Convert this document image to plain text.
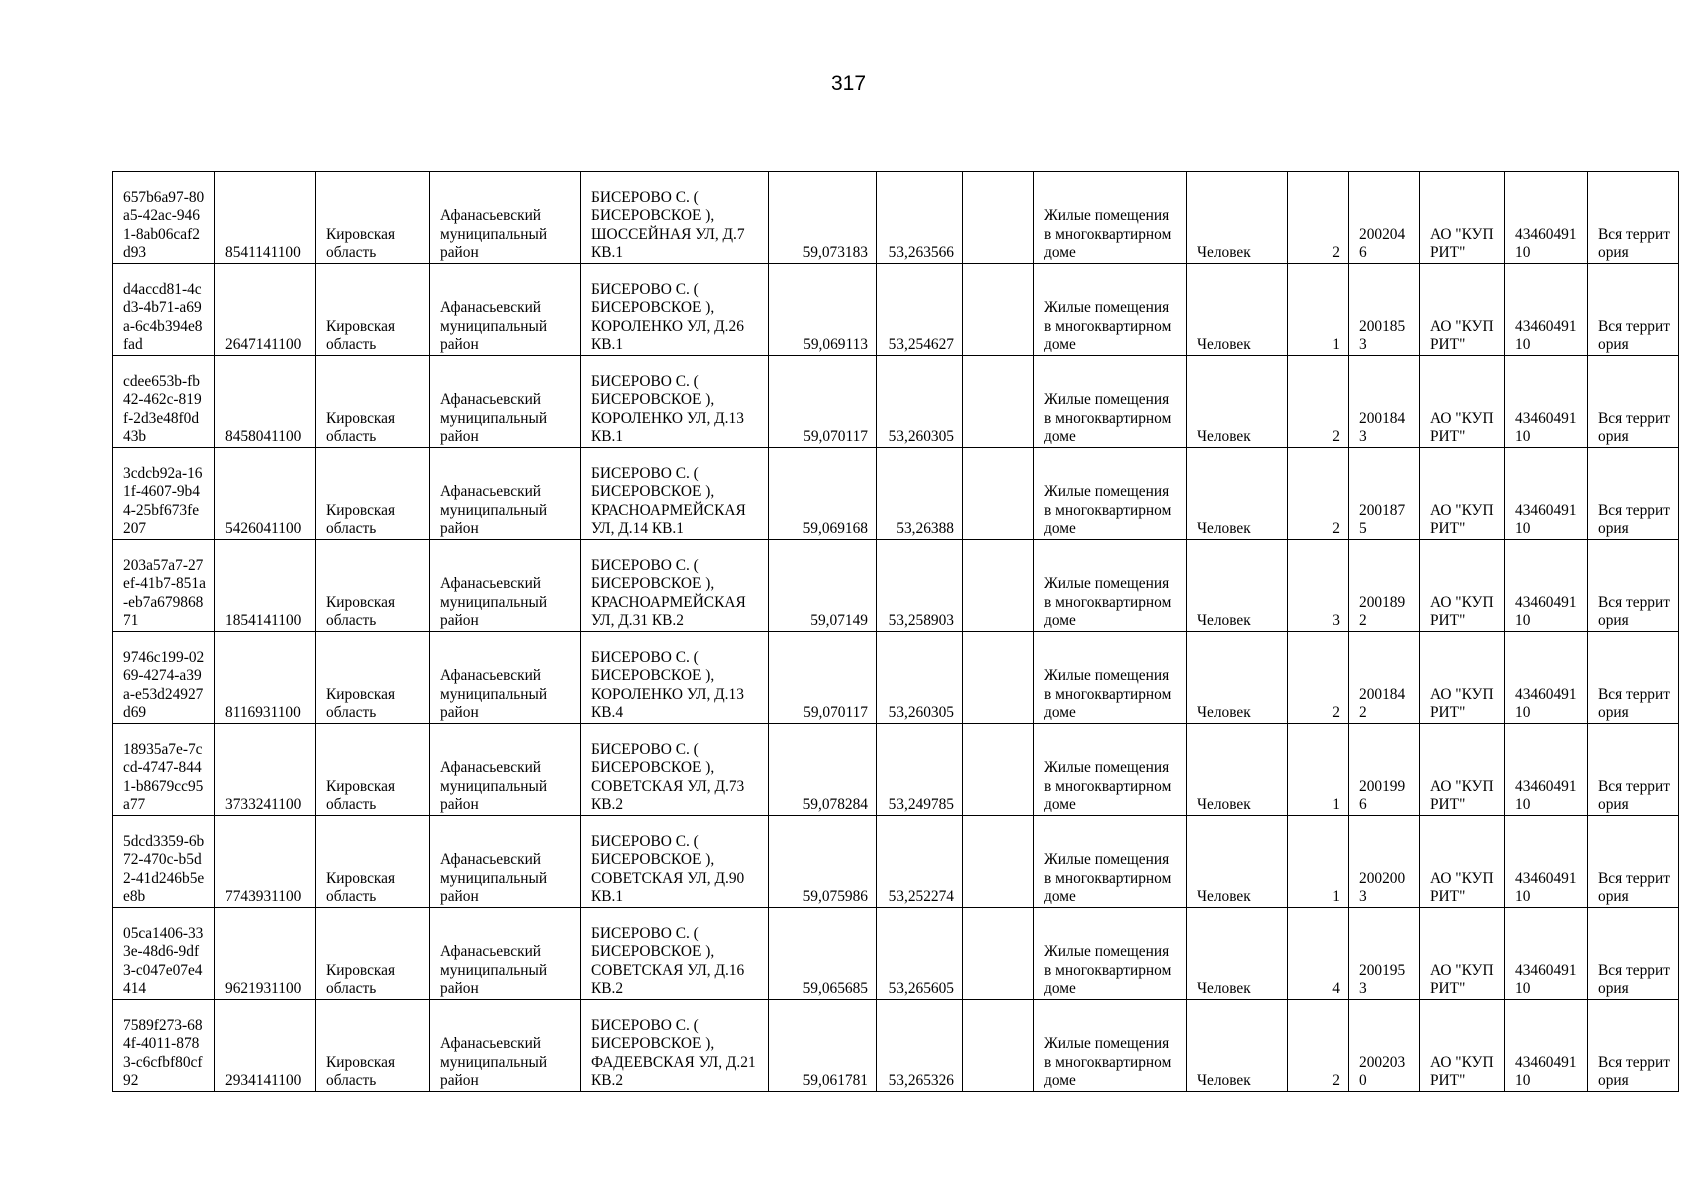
317
657b6a97-80a5-42ac-9461-8ab06caf2d93	8541141100	Кировская область	Афанасьевский муниципальный район	БИСЕРОВО С. ( БИСЕРОВСКОЕ ), ШОССЕЙНАЯ УЛ, Д.7 КВ.1	59,073183	53,263566		Жилые помещения в многоквартирном доме	Человек	2	2002046	АО "КУПРИТ"	4346049110	Вся территория
d4accd81-4cd3-4b71-a69a-6c4b394e8fad	2647141100	Кировская область	Афанасьевский муниципальный район	БИСЕРОВО С. ( БИСЕРОВСКОЕ ), КОРОЛЕНКО УЛ, Д.26 КВ.1	59,069113	53,254627		Жилые помещения в многоквартирном доме	Человек	1	2001853	АО "КУПРИТ"	4346049110	Вся территория
cdee653b-fb42-462c-819f-2d3e48f0d43b	8458041100	Кировская область	Афанасьевский муниципальный район	БИСЕРОВО С. ( БИСЕРОВСКОЕ ), КОРОЛЕНКО УЛ, Д.13 КВ.1	59,070117	53,260305		Жилые помещения в многоквартирном доме	Человек	2	2001843	АО "КУПРИТ"	4346049110	Вся территория
3cdcb92a-161f-4607-9b44-25bf673fe207	5426041100	Кировская область	Афанасьевский муниципальный район	БИСЕРОВО С. ( БИСЕРОВСКОЕ ), КРАСНОАРМЕЙСКАЯ УЛ, Д.14 КВ.1	59,069168	53,26388		Жилые помещения в многоквартирном доме	Человек	2	2001875	АО "КУПРИТ"	4346049110	Вся территория
203a57a7-27ef-41b7-851a-eb7a67986871	1854141100	Кировская область	Афанасьевский муниципальный район	БИСЕРОВО С. ( БИСЕРОВСКОЕ ), КРАСНОАРМЕЙСКАЯ УЛ, Д.31 КВ.2	59,07149	53,258903		Жилые помещения в многоквартирном доме	Человек	3	2001892	АО "КУПРИТ"	4346049110	Вся территория
9746c199-0269-4274-a39a-e53d24927d69	8116931100	Кировская область	Афанасьевский муниципальный район	БИСЕРОВО С. ( БИСЕРОВСКОЕ ), КОРОЛЕНКО УЛ, Д.13 КВ.4	59,070117	53,260305		Жилые помещения в многоквартирном доме	Человек	2	2001842	АО "КУПРИТ"	4346049110	Вся территория
18935a7e-7ccd-4747-8441-b8679cc95a77	3733241100	Кировская область	Афанасьевский муниципальный район	БИСЕРОВО С. ( БИСЕРОВСКОЕ ), СОВЕТСКАЯ УЛ, Д.73 КВ.2	59,078284	53,249785		Жилые помещения в многоквартирном доме	Человек	1	2001996	АО "КУПРИТ"	4346049110	Вся территория
5dcd3359-6b72-470c-b5d2-41d246b5ee8b	7743931100	Кировская область	Афанасьевский муниципальный район	БИСЕРОВО С. ( БИСЕРОВСКОЕ ), СОВЕТСКАЯ УЛ, Д.90 КВ.1	59,075986	53,252274		Жилые помещения в многоквартирном доме	Человек	1	2002003	АО "КУПРИТ"	4346049110	Вся территория
05ca1406-333e-48d6-9df3-c047e07e4414	9621931100	Кировская область	Афанасьевский муниципальный район	БИСЕРОВО С. ( БИСЕРОВСКОЕ ), СОВЕТСКАЯ УЛ, Д.16 КВ.2	59,065685	53,265605		Жилые помещения в многоквартирном доме	Человек	4	2001953	АО "КУПРИТ"	4346049110	Вся территория
7589f273-684f-4011-8783-c6cfbf80cf92	2934141100	Кировская область	Афанасьевский муниципальный район	БИСЕРОВО С. ( БИСЕРОВСКОЕ ), ФАДЕЕВСКАЯ УЛ, Д.21 КВ.2	59,061781	53,265326		Жилые помещения в многоквартирном доме	Человек	2	2002030	АО "КУПРИТ"	4346049110	Вся территория
